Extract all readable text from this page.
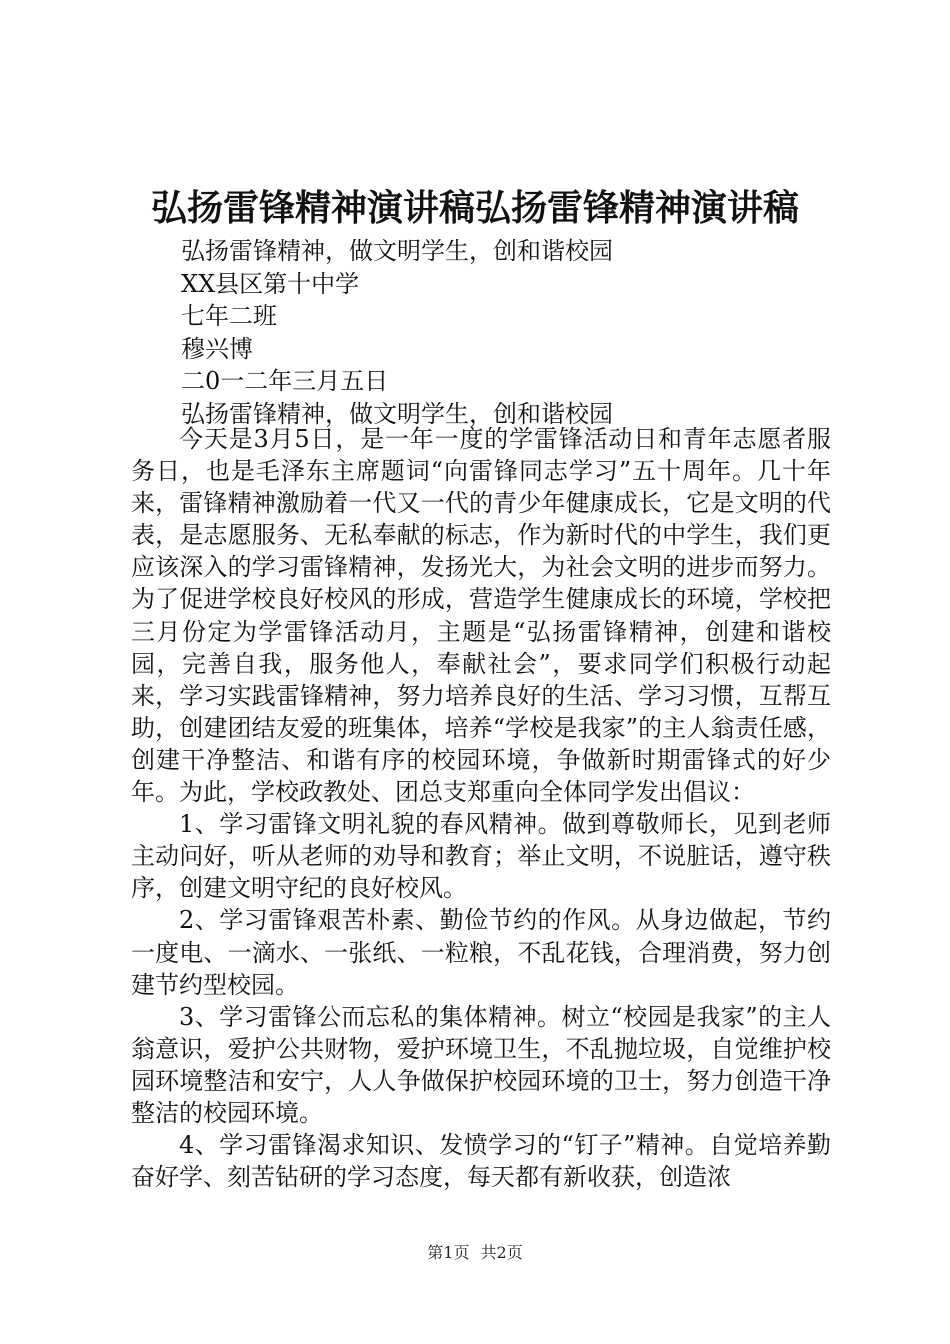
弘扬雷锋精神演讲稿弘扬雷锋精神演讲稿
弘扬雷锋精神，做文明学生，创和谐校园
XX县区第十中学
七年二班
穆兴博
二0一二年三月五日
弘扬雷锋精神，做文明学生，创和谐校园

今天是3月5日，是一年一度的学雷锋活动日和青年志愿者服务日，也是毛泽东主席题词“向雷锋同志学习”五十周年。几十年来，雷锋精神激励着一代又一代的青少年健康成长，它是文明的代表，是志愿服务、无私奉献的标志，作为新时代的中学生，我们更应该深入的学习雷锋精神，发扬光大，为社会文明的进步而努力。为了促进学校良好校风的形成，营造学生健康成长的环境，学校把三月份定为学雷锋活动月，主题是“弘扬雷锋精神，创建和谐校园，完善自我，服务他人，奉献社会”，要求同学们积极行动起来，学习实践雷锋精神，努力培养良好的生活、学习习惯，互帮互助，创建团结友爱的班集体，培养“学校是我家”的主人翁责任感，创建干净整洁、和谐有序的校园环境，争做新时期雷锋式的好少年。为此，学校政教处、团总支郑重向全体同学发出倡议：

1、学习雷锋文明礼貌的春风精神。做到尊敬师长，见到老师主动问好，听从老师的劝导和教育；举止文明，不说脏话，遵守秩序，创建文明守纪的良好校风。

2、学习雷锋艰苦朴素、勤俭节约的作风。从身边做起，节约一度电、一滴水、一张纸、一粒粮，不乱花钱，合理消费，努力创建节约型校园。

3、学习雷锋公而忘私的集体精神。树立“校园是我家”的主人翁意识，爱护公共财物，爱护环境卫生，不乱抛垃圾，自觉维护校园环境整洁和安宁，人人争做保护校园环境的卫士，努力创造干净整洁的校园环境。

4、学习雷锋渴求知识、发愤学习的“钉子”精神。自觉培养勤奋好学、刻苦钻研的学习态度，每天都有新收获，创造浓

第1页 共2页
